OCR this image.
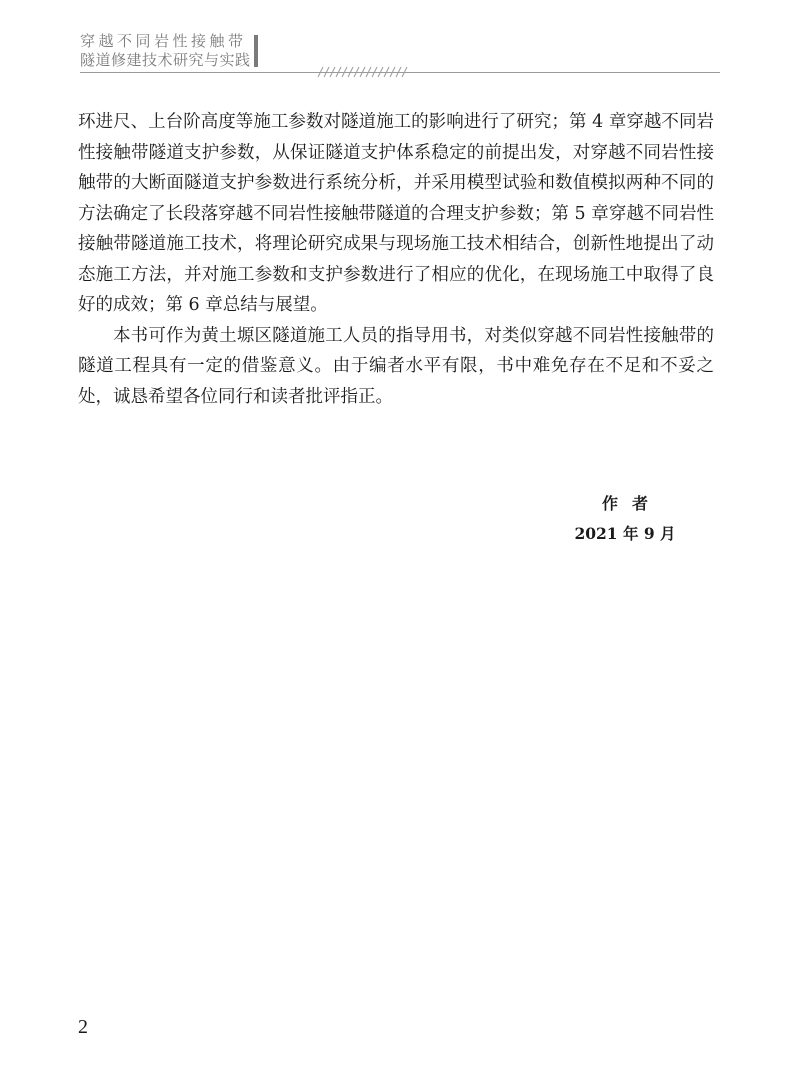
穿越不同岩性接触带
隧道修建技术研究与实践

环进尺、上台阶高度等施工参数对隧道施工的影响进行了研究；第 4 章穿越不同岩性接触带隧道支护参数，从保证隧道支护体系稳定的前提出发，对穿越不同岩性接触带的大断面隧道支护参数进行系统分析，并采用模型试验和数值模拟两种不同的方法确定了长段落穿越不同岩性接触带隧道的合理支护参数；第 5 章穿越不同岩性接触带隧道施工技术，将理论研究成果与现场施工技术相结合，创新性地提出了动态施工方法，并对施工参数和支护参数进行了相应的优化，在现场施工中取得了良好的成效；第 6 章总结与展望。

本书可作为黄土塬区隧道施工人员的指导用书，对类似穿越不同岩性接触带的隧道工程具有一定的借鉴意义。由于编者水平有限，书中难免存在不足和不妥之处，诚恳希望各位同行和读者批评指正。

作者
2021 年 9 月
2
